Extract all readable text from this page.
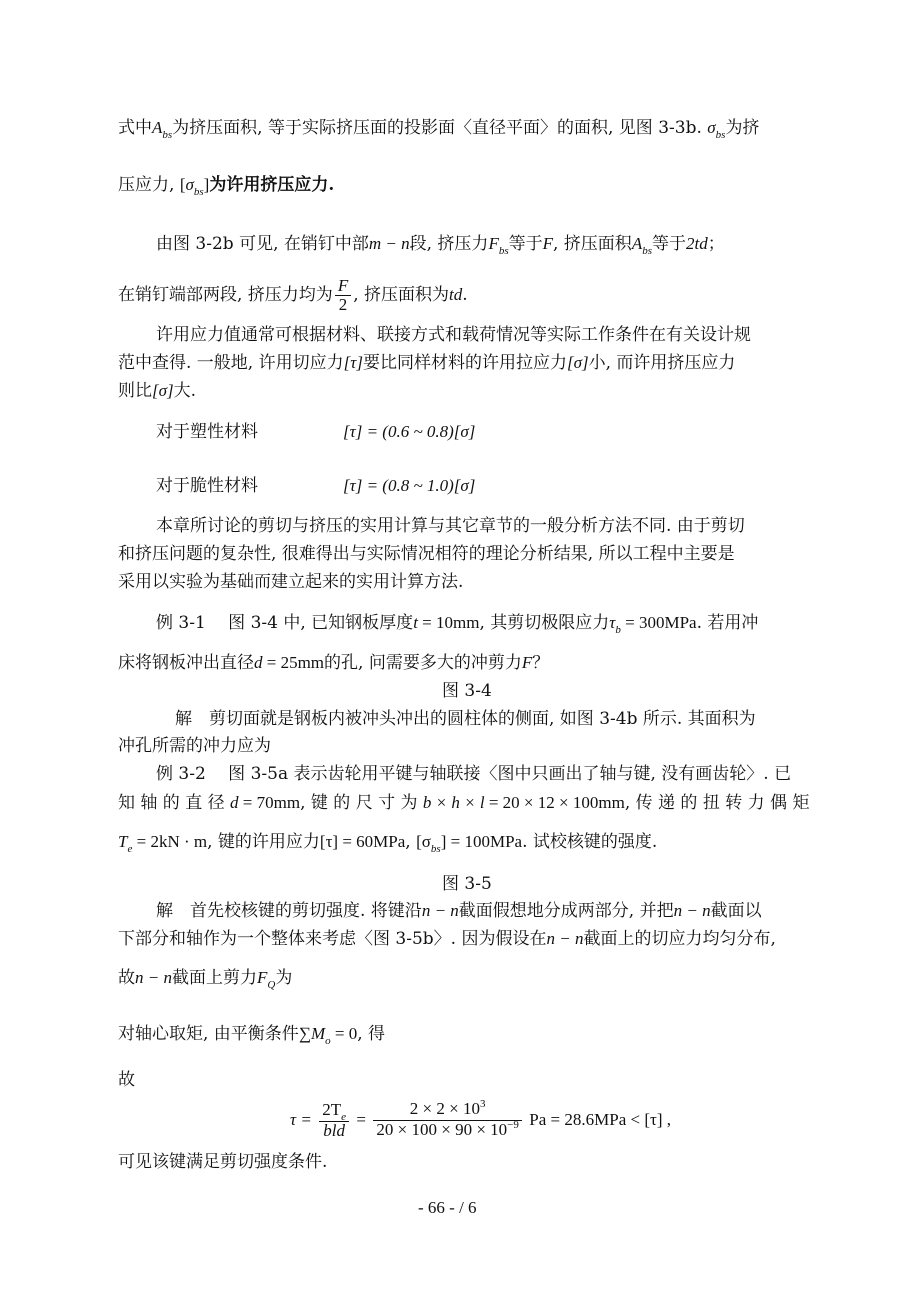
式中$A_{bs}$为挤压面积, 等于实际挤压面的投影面〈直径平面〉的面积, 见图 3-3b. $\sigma_{bs}$为挤
压应力, $[\sigma_{bs}]$为许用挤压应力.
由图 3-2b 可见, 在销钉中部m − n段, 挤压力$F_{bs}$等于F, 挤压面积$A_{bs}$等于2td；
在销钉端部两段, 挤压力均为 $\frac{F}{2}$ , 挤压面积为td.
许用应力值通常可根据材料、联接方式和载荷情况等实际工作条件在有关设计规
范中查得. 一般地, 许用切应力[τ]要比同样材料的许用拉应力[σ]小, 而许用挤压应力
则比[σ]大.
对于塑性材料	[τ] = (0.6 ~ 0.8)[σ]
对于脆性材料	[τ] = (0.8 ~ 1.0)[σ]
本章所讨论的剪切与挤压的实用计算与其它章节的一般分析方法不同. 由于剪切
和挤压问题的复杂性, 很难得出与实际情况相符的理论分析结果, 所以工程中主要是
采用以实验为基础而建立起来的实用计算方法.
例 3-1　 图 3-4 中, 已知钢板厚度t = 10mm, 其剪切极限应力$\tau_b = 300MPa$. 若用冲
床将钢板冲出直径d = 25mm的孔, 问需要多大的冲剪力F？
图 3-4
解　剪切面就是钢板内被冲头冲出的圆柱体的侧面, 如图 3-4b 所示. 其面积为
冲孔所需的冲力应为
例 3-2　 图 3-5a 表示齿轮用平键与轴联接〈图中只画出了轴与键, 没有画齿轮〉. 已
知 轴 的 直 径 d = 70mm, 键 的 尺 寸 为 b × h × l = 20 × 12 × 100mm, 传 递 的 扭 转 力 偶 矩
$T_e = 2kN \cdot m$, 键的许用应力[τ] = 60MPa, $[\sigma_{bs}] = 100MPa$. 试校核键的强度.
图 3-5
解　首先校核键的剪切强度. 将键沿n − n截面假想地分成两部分, 并把n − n截面以
下部分和轴作为一个整体来考虑〈图 3-5b〉. 因为假设在n − n截面上的切应力均匀分布,
故n − n截面上剪力$F_Q$为
对轴心取矩, 由平衡条件$\sum M_o = 0$, 得
故
$\tau = \frac{2T_e}{\text{bld}} = \frac{2 \times 2 \times 10^3}{20 \times 100 \times 90 \times 10^{-9}}$ Pa = 28.6MPa < [τ] ,
可见该键满足剪切强度条件.
- 66 - / 6
